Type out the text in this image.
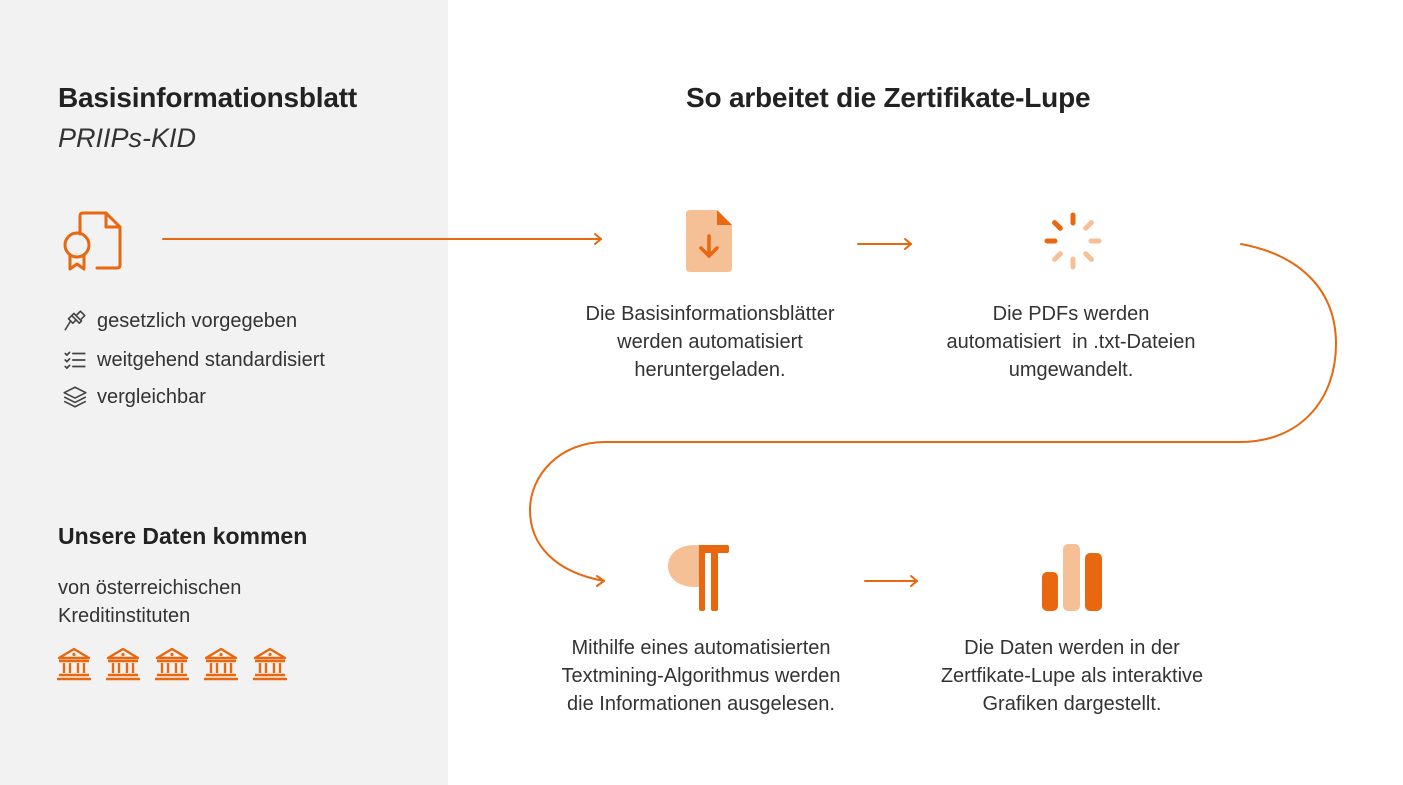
Basisinformationsblatt
PRIIPs-KID
gesetzlich vorgegeben
weitgehend standardisiert
vergleichbar
Unsere Daten kommen
von österreichischen
Kreditinstituten
So arbeitet die Zertifikate-Lupe
Die Basisinformationsblätter
werden automatisiert
heruntergeladen.
Die PDFs werden
automatisiert  in .txt-Dateien
umgewandelt.
Mithilfe eines automatisierten
Textmining-Algorithmus werden
die Informationen ausgelesen.
Die Daten werden in der
Zertfikate-Lupe als interaktive
Grafiken dargestellt.
